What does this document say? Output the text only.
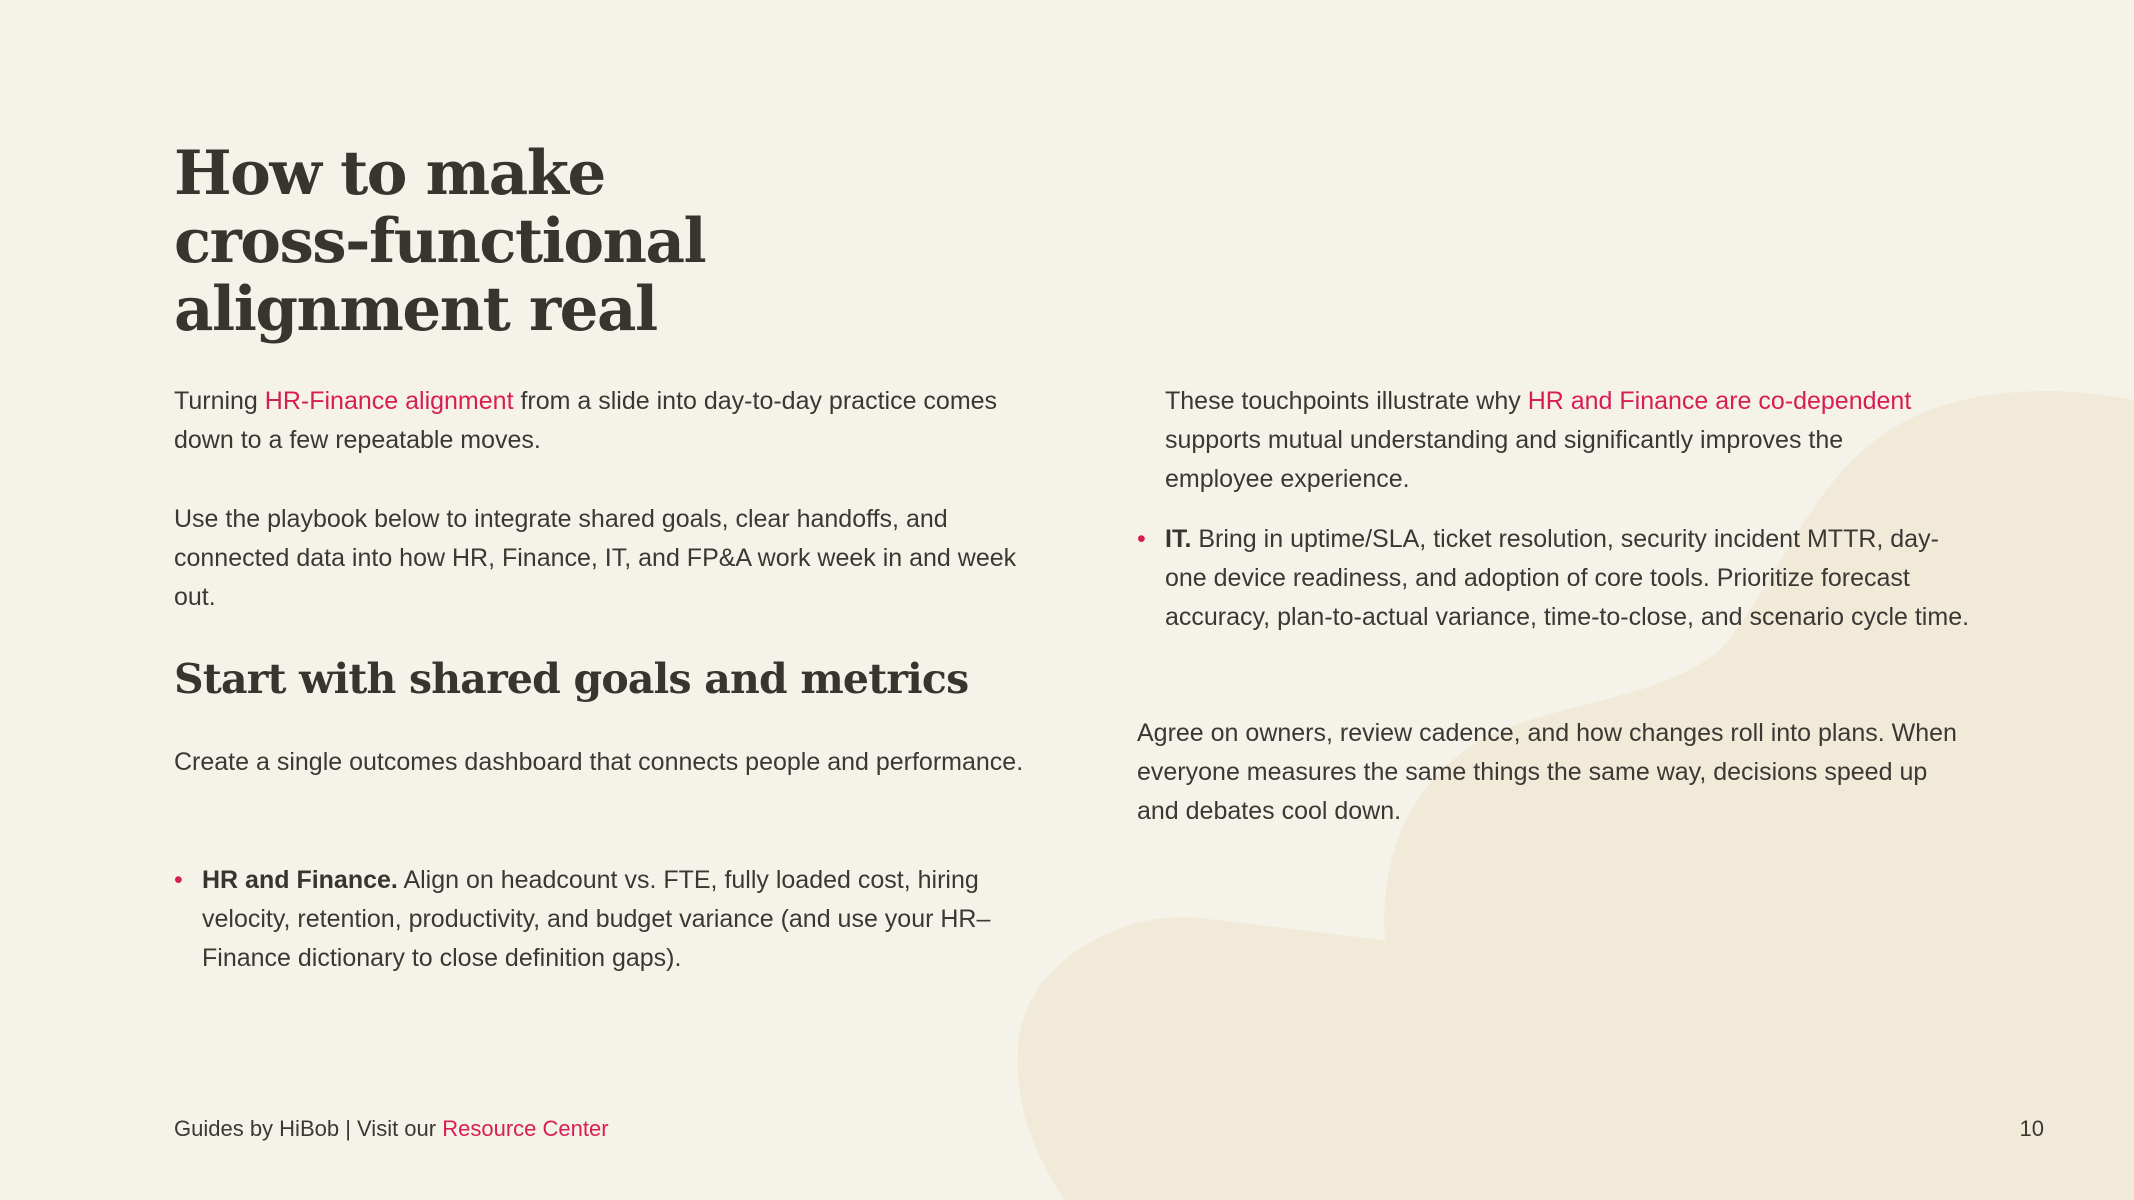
How to make
cross-functional
alignment real

Turning HR-Finance alignment from a slide into day-to-day practice comes down to a few repeatable moves.

Use the playbook below to integrate shared goals, clear handoffs, and connected data into how HR, Finance, IT, and FP&A work week in and week out.

Start with shared goals and metrics

Create a single outcomes dashboard that connects people and performance.

• HR and Finance. Align on headcount vs. FTE, fully loaded cost, hiring velocity, retention, productivity, and budget variance (and use your HR–Finance dictionary to close definition gaps).

These touchpoints illustrate why HR and Finance are co-dependent supports mutual understanding and significantly improves the employee experience.

• IT. Bring in uptime/SLA, ticket resolution, security incident MTTR, day-one device readiness, and adoption of core tools. Prioritize forecast accuracy, plan-to-actual variance, time-to-close, and scenario cycle time.

Agree on owners, review cadence, and how changes roll into plans. When everyone measures the same things the same way, decisions speed up and debates cool down.

Guides by HiBob | Visit our Resource Center	10
